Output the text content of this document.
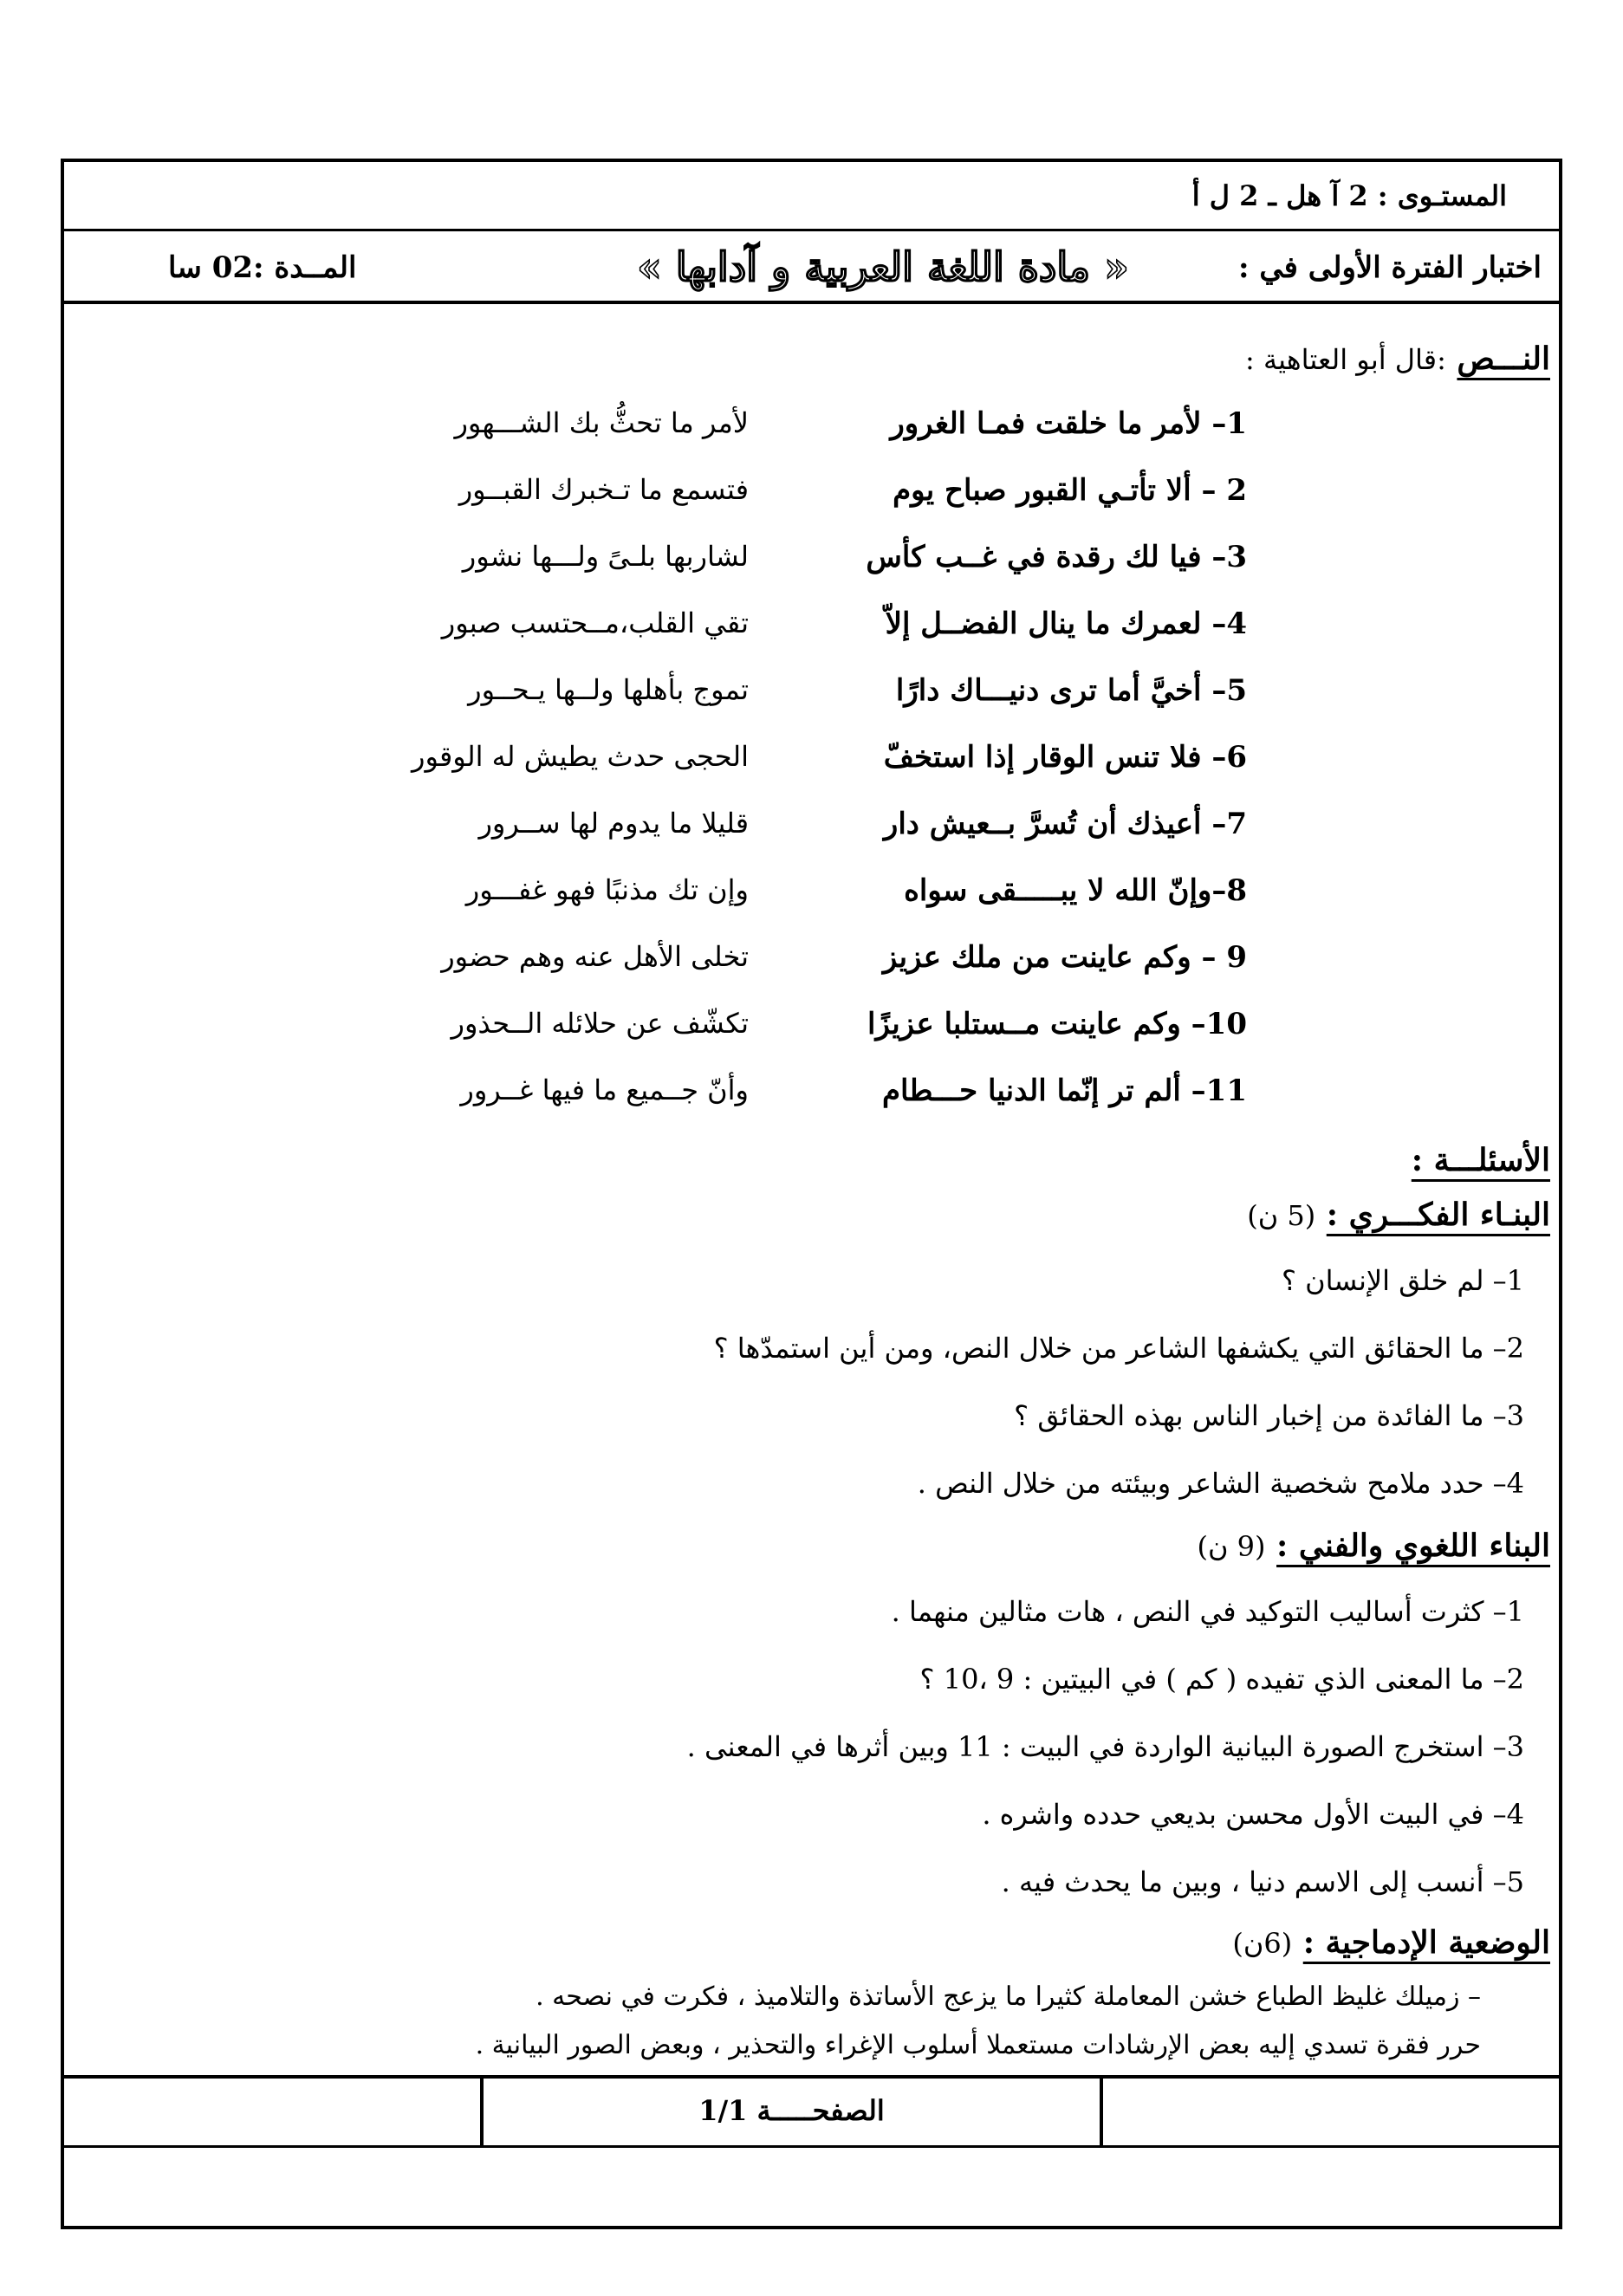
المستـوى : 2 آ هل ـ 2 ل أ
اختبار الفترة الأولى في :
« مادة اللغة العربية و آدابها »
المــدة :02 سا
النـــص :قال أبو العتاهية :
1– لأمر ما خلقت فمـا الغرور
لأمر ما تحثُّ بك الشـــهور
2 – ألا تأتـي القبور صباح يوم
فتسمع ما تـخبرك القبــور
3– فيا لك رقدة في غــب كأس
لشاربها بلـىً ولـــها نشور
4– لعمرك ما ينال الفضــل إلاّ
تقي القلب،مــحتسب صبور
5– أخيَّ أما ترى دنيـــاك دارًا
تموج بأهلها ولــها يـحــور
6– فلا تنس الوقار إذا استخفّ
الحجى حدث يطيش له الوقور
7– أعيذك أن تُسرَّ بــعيش دار
قليلا ما يدوم لها ســرور
8–وإنّ الله لا يبـــــقى سواه
وإن تك مذنبًا فهو غفـــور
9 – وكم عاينت من ملك عزيز
تخلى الأهل عنه وهم حضور
10– وكم عاينت مــستلبا عزيزًا
تكشّف عن حلائله الــحذور
11– ألم تر إنّما الدنيا حـــطام
وأنّ جــميع ما فيها غــرور
الأسئلـــة :
البنـاء الفكـــري : (5 ن)
1– لم خلق الإنسان ؟
2– ما الحقائق التي يكشفها الشاعر من خلال النص، ومن أين استمدّها ؟
3– ما الفائدة من إخبار الناس بهذه الحقائق ؟
4– حدد ملامح شخصية الشاعر وبيئته من خلال النص .
البناء اللغوي والفني : (9 ن)
1– كثرت أساليب التوكيد في النص ، هات مثالين منهما .
2– ما المعنى الذي تفيده ( كم ) في البيتين : 9 ،10 ؟
3– استخرج الصورة البيانية الواردة في البيت : 11 وبين أثرها في المعنى .
4– في البيت الأول محسن بديعي حدده واشره .
5– أنسب إلى الاسم دنيا ، وبين ما يحدث فيه .
الوضعية الإدماجية : (6ن)
– زميلك غليظ الطباع خشن المعاملة كثيرا ما يزعج الأساتذة والتلاميذ ، فكرت في نصحه .
حرر فقرة تسدي إليه بعض الإرشادات مستعملا أسلوب الإغراء والتحذير ، وبعض الصور البيانية .
الصفحـــــة 1/1
